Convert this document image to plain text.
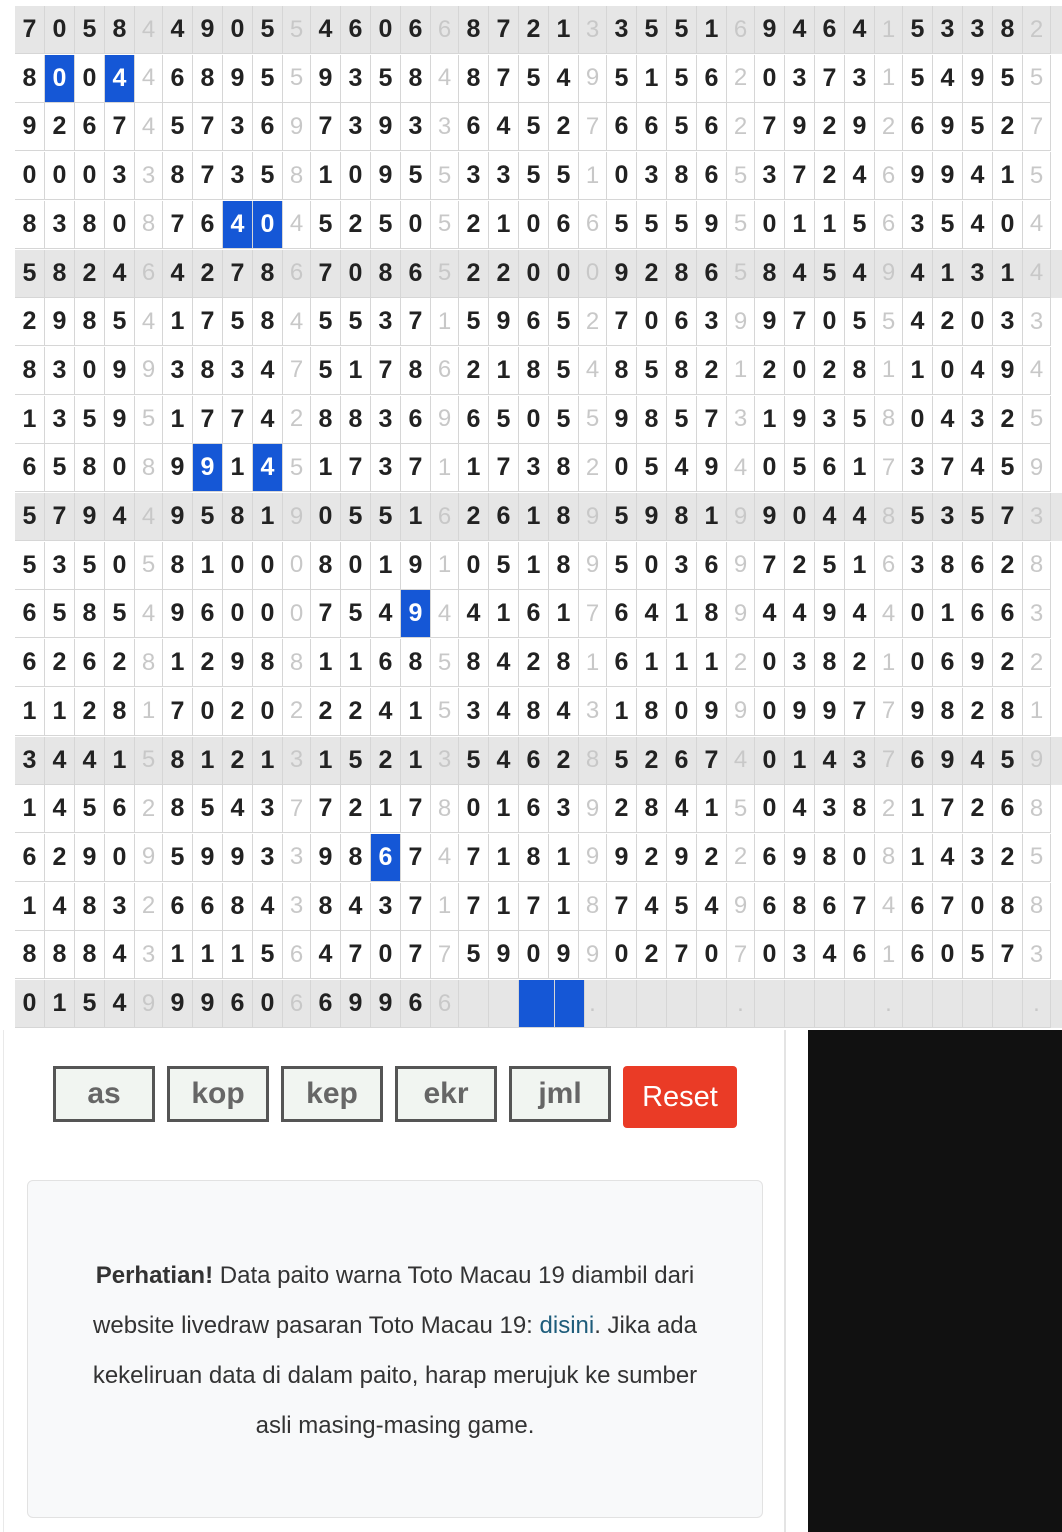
7 0 5 8 4 4 9 0 5 5 4 6 0 6 6 8 7 2 1 3 3 5 5 1 6 9 4 6 4 1 5 3 3 8 2
8 0 0 4 4 6 8 9 5 5 9 3 5 8 4 8 7 5 4 9 5 1 5 6 2 0 3 7 3 1 5 4 9 5 5
9 2 6 7 4 5 7 3 6 9 7 3 9 3 3 6 4 5 2 7 6 6 5 6 2 7 9 2 9 2 6 9 5 2 7
0 0 0 3 3 8 7 3 5 8 1 0 9 5 5 3 3 5 5 1 0 3 8 6 5 3 7 2 4 6 9 9 4 1 5
8 3 8 0 8 7 6 4 0 4 5 2 5 0 5 2 1 0 6 6 5 5 5 9 5 0 1 1 5 6 3 5 4 0 4
5 8 2 4 6 4 2 7 8 6 7 0 8 6 5 2 2 0 0 0 9 2 8 6 5 8 4 5 4 9 4 1 3 1 4
2 9 8 5 4 1 7 5 8 4 5 5 3 7 1 5 9 6 5 2 7 0 6 3 9 9 7 0 5 5 4 2 0 3 3
8 3 0 9 9 3 8 3 4 7 5 1 7 8 6 2 1 8 5 4 8 5 8 2 1 2 0 2 8 1 1 0 4 9 4
1 3 5 9 5 1 7 7 4 2 8 8 3 6 9 6 5 0 5 5 9 8 5 7 3 1 9 3 5 8 0 4 3 2 5
6 5 8 0 8 9 9 1 4 5 1 7 3 7 1 1 7 3 8 2 0 5 4 9 4 0 5 6 1 7 3 7 4 5 9
5 7 9 4 4 9 5 8 1 9 0 5 5 1 6 2 6 1 8 9 5 9 8 1 9 9 0 4 4 8 5 3 5 7 3
5 3 5 0 5 8 1 0 0 0 8 0 1 9 1 0 5 1 8 9 5 0 3 6 9 7 2 5 1 6 3 8 6 2 8
6 5 8 5 4 9 6 0 0 0 7 5 4 9 4 4 1 6 1 7 6 4 1 8 9 4 4 9 4 4 0 1 6 6 3
6 2 6 2 8 1 2 9 8 8 1 1 6 8 5 8 4 2 8 1 6 1 1 1 2 0 3 8 2 1 0 6 9 2 2
1 1 2 8 1 7 0 2 0 2 2 2 4 1 5 3 4 8 4 3 1 8 0 9 9 0 9 9 7 7 9 8 2 8 1
3 4 4 1 5 8 1 2 1 3 1 5 2 1 3 5 4 6 2 8 5 2 6 7 4 0 1 4 3 7 6 9 4 5 9
1 4 5 6 2 8 5 4 3 7 7 2 1 7 8 0 1 6 3 9 2 8 4 1 5 0 4 3 8 2 1 7 2 6 8
6 2 9 0 9 5 9 9 3 3 9 8 6 7 4 7 1 8 1 9 9 2 9 2 2 6 9 8 0 8 1 4 3 2 5
1 4 8 3 2 6 6 8 4 3 8 4 3 7 1 7 1 7 1 8 7 4 5 4 9 6 8 6 7 4 6 7 0 8 8
8 8 8 4 3 1 1 1 5 6 4 7 0 7 7 5 9 0 9 9 0 2 7 0 7 0 3 4 6 1 6 0 5 7 3
0 1 5 4 9 9 9 6 0 6 6 9 9 6 6	.	.	.	.
as	kop	kep	ekr	jml	Reset
Perhatian! Data paito warna Toto Macau 19 diambil dari website livedraw pasaran Toto Macau 19: disini. Jika ada kekeliruan data di dalam paito, harap merujuk ke sumber asli masing-masing game.
